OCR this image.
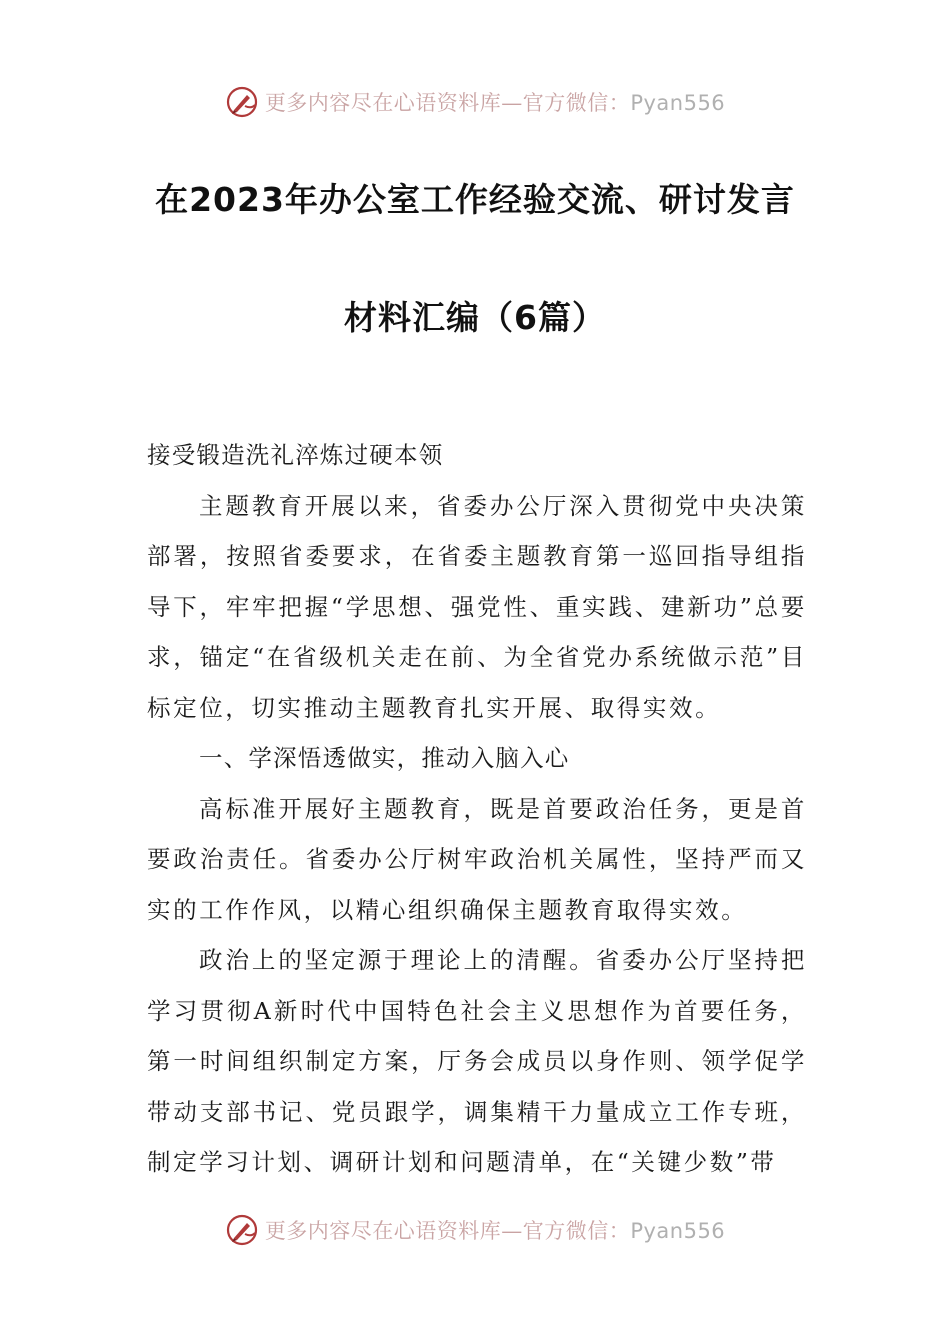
更多内容尽在心语资料库—官方微信：Pyan556
在2023年办公室工作经验交流、研讨发言
材料汇编（6篇）

接受锻造洗礼淬炼过硬本领

主题教育开展以来，省委办公厅深入贯彻党中央决策部署，按照省委要求，在省委主题教育第一巡回指导组指导下，牢牢把握“学思想、强党性、重实践、建新功”总要求，锚定“在省级机关走在前、为全省党办系统做示范”目标定位，切实推动主题教育扎实开展、取得实效。

一、学深悟透做实，推动入脑入心

高标准开展好主题教育，既是首要政治任务，更是首要政治责任。省委办公厅树牢政治机关属性，坚持严而又实的工作作风，以精心组织确保主题教育取得实效。

政治上的坚定源于理论上的清醒。省委办公厅坚持把学习贯彻A新时代中国特色社会主义思想作为首要任务，第一时间组织制定方案，厅务会成员以身作则、领学促学带动支部书记、党员跟学，调集精干力量成立工作专班，制定学习计划、调研计划和问题清单，在“关键少数”带

更多内容尽在心语资料库—官方微信：Pyan556
